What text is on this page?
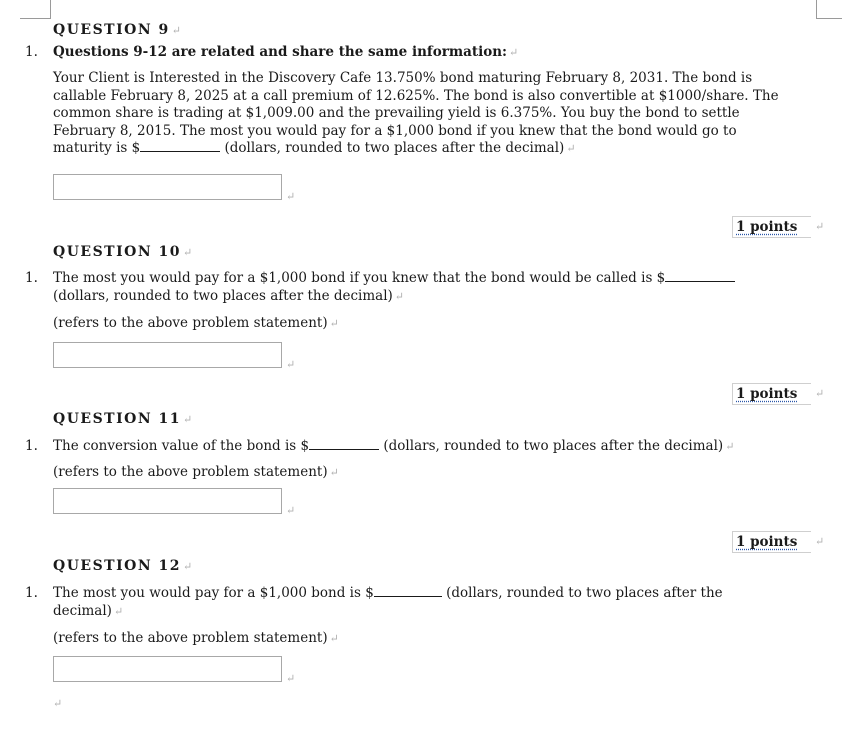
QUESTION 9 ↵
1. Questions 9-12 are related and share the same information: ↵
Your Client is Interested in the Discovery Cafe 13.750% bond maturing February 8, 2031. The bond is
callable February 8, 2025 at a call premium of 12.625%. The bond is also convertible at $1000/share. The
common share is trading at $1,009.00 and the prevailing yield is 6.375%. You buy the bond to settle
February 8, 2015. The most you would pay for a $1,000 bond if you knew that the bond would go to
maturity is $	(dollars, rounded to two places after the decimal) ↵
↵
1 points	↵
QUESTION 10 ↵
1. The most you would pay for a $1,000 bond if you knew that the bond would be called is $
(dollars, rounded to two places after the decimal) ↵
(refers to the above problem statement) ↵
↵
1 points	↵
QUESTION 11 ↵
1. The conversion value of the bond is $	(dollars, rounded to two places after the decimal) ↵
(refers to the above problem statement) ↵
↵
1 points	↵
QUESTION 12 ↵
1. The most you would pay for a $1,000 bond is $	(dollars, rounded to two places after the
decimal) ↵
(refers to the above problem statement) ↵
↵
↵
